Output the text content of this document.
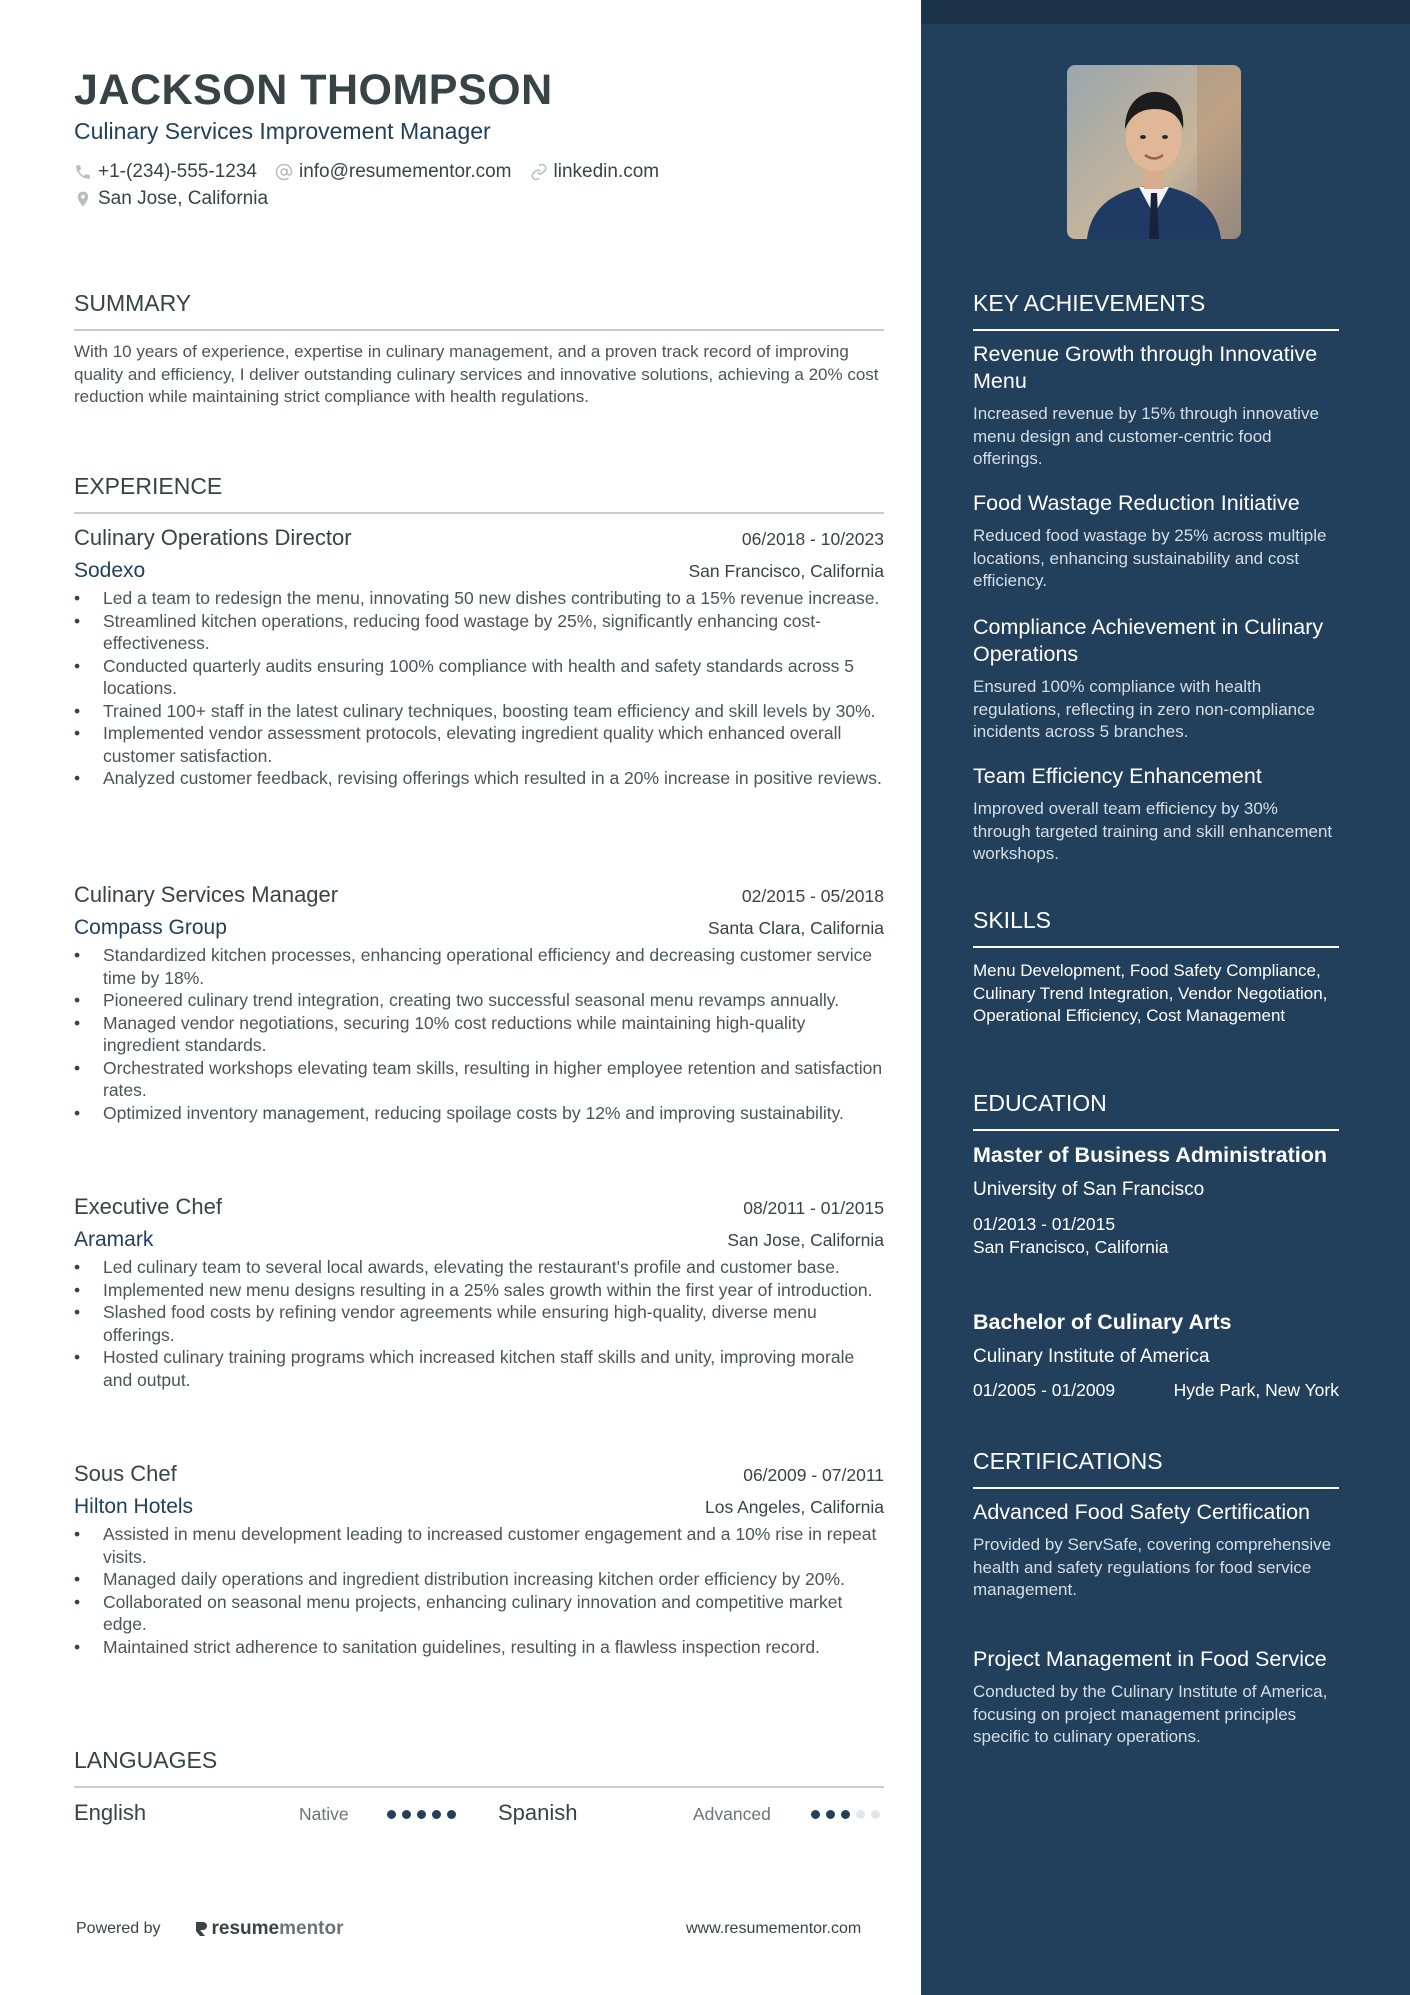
JACKSON THOMPSON
Culinary Services Improvement Manager
+1-(234)-555-1234 info@resumementor.com linkedin.com
San Jose, California
SUMMARY
With 10 years of experience, expertise in culinary management, and a proven track record of improving quality and efficiency, I deliver outstanding culinary services and innovative solutions, achieving a 20% cost reduction while maintaining strict compliance with health regulations.
EXPERIENCE
Culinary Operations Director	06/2018 - 10/2023
Sodexo	San Francisco, California
• Led a team to redesign the menu, innovating 50 new dishes contributing to a 15% revenue increase.
• Streamlined kitchen operations, reducing food wastage by 25%, significantly enhancing cost-effectiveness.
• Conducted quarterly audits ensuring 100% compliance with health and safety standards across 5 locations.
• Trained 100+ staff in the latest culinary techniques, boosting team efficiency and skill levels by 30%.
• Implemented vendor assessment protocols, elevating ingredient quality which enhanced overall customer satisfaction.
• Analyzed customer feedback, revising offerings which resulted in a 20% increase in positive reviews.
Culinary Services Manager	02/2015 - 05/2018
Compass Group	Santa Clara, California
• Standardized kitchen processes, enhancing operational efficiency and decreasing customer service time by 18%.
• Pioneered culinary trend integration, creating two successful seasonal menu revamps annually.
• Managed vendor negotiations, securing 10% cost reductions while maintaining high-quality ingredient standards.
• Orchestrated workshops elevating team skills, resulting in higher employee retention and satisfaction rates.
• Optimized inventory management, reducing spoilage costs by 12% and improving sustainability.
Executive Chef	08/2011 - 01/2015
Aramark	San Jose, California
• Led culinary team to several local awards, elevating the restaurant's profile and customer base.
• Implemented new menu designs resulting in a 25% sales growth within the first year of introduction.
• Slashed food costs by refining vendor agreements while ensuring high-quality, diverse menu offerings.
• Hosted culinary training programs which increased kitchen staff skills and unity, improving morale and output.
Sous Chef	06/2009 - 07/2011
Hilton Hotels	Los Angeles, California
• Assisted in menu development leading to increased customer engagement and a 10% rise in repeat visits.
• Managed daily operations and ingredient distribution increasing kitchen order efficiency by 20%.
• Collaborated on seasonal menu projects, enhancing culinary innovation and competitive market edge.
• Maintained strict adherence to sanitation guidelines, resulting in a flawless inspection record.
LANGUAGES
English	Native	Spanish	Advanced
Powered by	resume mentor	www.resumementor.com
KEY ACHIEVEMENTS
Revenue Growth through Innovative Menu
Increased revenue by 15% through innovative menu design and customer-centric food offerings.
Food Wastage Reduction Initiative
Reduced food wastage by 25% across multiple locations, enhancing sustainability and cost efficiency.
Compliance Achievement in Culinary Operations
Ensured 100% compliance with health regulations, reflecting in zero non-compliance incidents across 5 branches.
Team Efficiency Enhancement
Improved overall team efficiency by 30% through targeted training and skill enhancement workshops.
SKILLS
Menu Development, Food Safety Compliance, Culinary Trend Integration, Vendor Negotiation, Operational Efficiency, Cost Management
EDUCATION
Master of Business Administration
University of San Francisco
01/2013 - 01/2015
San Francisco, California
Bachelor of Culinary Arts
Culinary Institute of America
01/2005 - 01/2009	Hyde Park, New York
CERTIFICATIONS
Advanced Food Safety Certification
Provided by ServSafe, covering comprehensive health and safety regulations for food service management.
Project Management in Food Service
Conducted by the Culinary Institute of America, focusing on project management principles specific to culinary operations.
